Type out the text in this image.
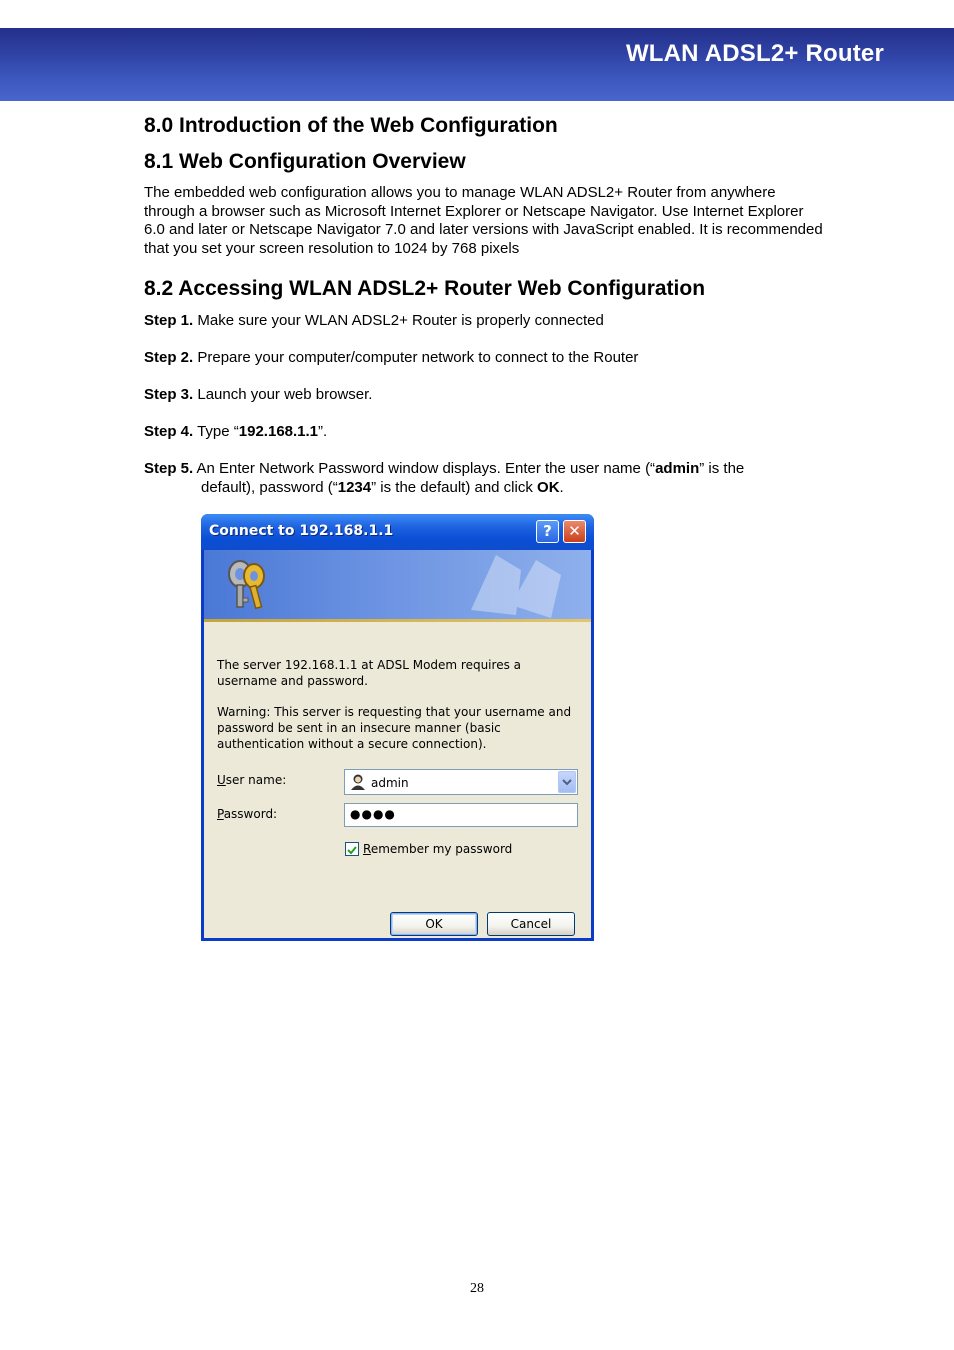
WLAN ADSL2+ Router
8.0 Introduction of the Web Configuration
8.1 Web Configuration Overview
The embedded web configuration allows you to manage WLAN ADSL2+ Router from anywhere through a browser such as Microsoft Internet Explorer or Netscape Navigator. Use Internet Explorer 6.0 and later or Netscape Navigator 7.0 and later versions with JavaScript enabled. It is recommended that you set your screen resolution to 1024 by 768 pixels
8.2 Accessing WLAN ADSL2+ Router Web Configuration
Step 1. Make sure your WLAN ADSL2+ Router is properly connected
Step 2. Prepare your computer/computer network to connect to the Router
Step 3. Launch your web browser.
Step 4. Type “192.168.1.1”.
Step 5. An Enter Network Password window displays. Enter the user name (“admin” is the
default), password (“1234” is the default) and click OK.
Connect to 192.168.1.1	?	✕
The server 192.168.1.1 at ADSL Modem requires a username and password.
Warning: This server is requesting that your username and password be sent in an insecure manner (basic authentication without a secure connection).
User name:	admin
Password:	●●●●
Remember my password
OK	Cancel
28
